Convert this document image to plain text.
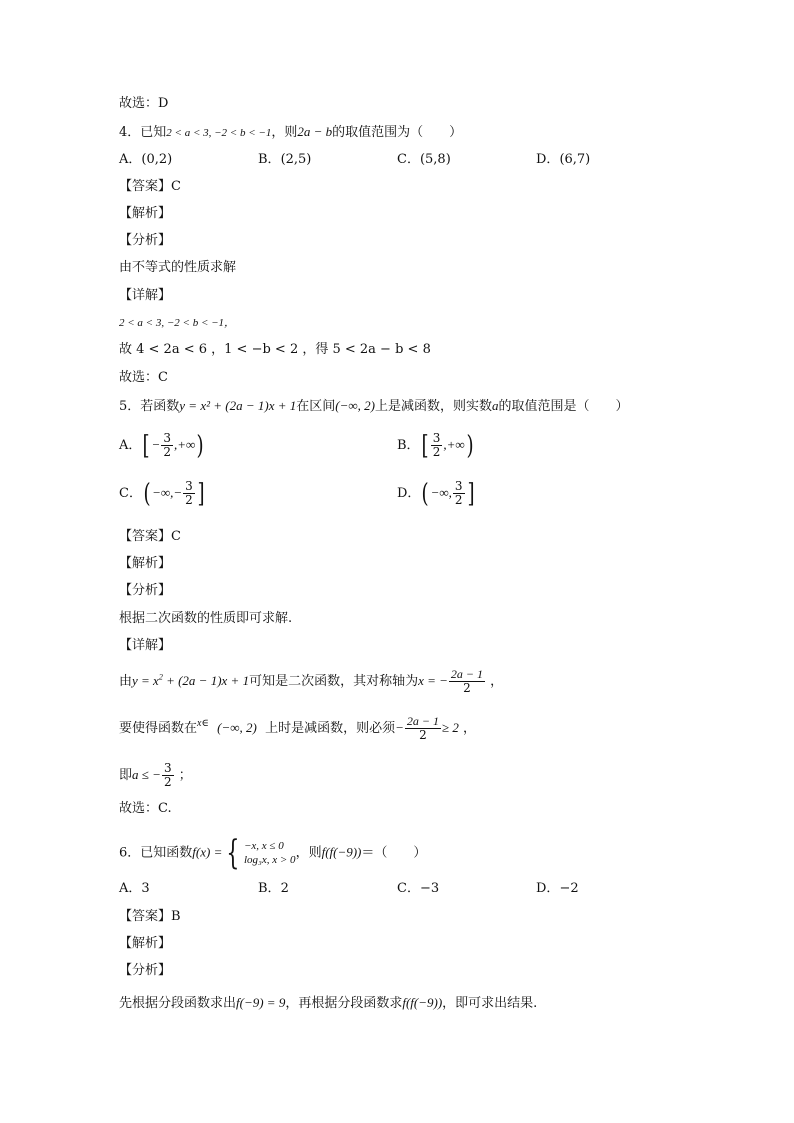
故选：D
4．已知2 < a < 3, −2 < b < −1，则2a − b的取值范围为（　　）
A．(0,2)	B．(2,5)	C．(5,8)	D．(6,7)
【答案】C
【解析】
【分析】
由不等式的性质求解
【详解】
2 < a < 3, −2 < b < −1，
故 4 < 2a < 6 ，1 < −b < 2 ，得 5 < 2a − b < 8
故选：C
5．若函数y = x² + (2a − 1)x + 1在区间(−∞, 2)上是减函数，则实数a的取值范围是（　　）
A．[ − $\frac{3}{2}$ ,+∞)	B．[ $\frac{3}{2}$ ,+∞)
C．( −∞,− $\frac{3}{2}$ ]	D．( −∞, $\frac{3}{2}$ ]
【答案】C
【解析】
【分析】
根据二次函数的性质即可求解.
【详解】
由$y = x^2 + (2a - 1)x + 1$可知是二次函数，其对称轴为x = − $\frac{2a - 1}{2}$ ，
要使得函数在$^{x\in}$ (−∞, 2) 上时是减函数，则必须− $\frac{2a - 1}{2} \ge 2$ ，
即a ≤ − $\frac{3}{2}$ ；
故选：C.
6．已知函数f(x) = { −x, x ≤ 0
log₃x, x > 0 ，则f(f(−9))＝（　　）
A．3	B．2	C．−3	D．−2
【答案】B
【解析】
【分析】
先根据分段函数求出f(−9) = 9，再根据分段函数求f(f(−9))，即可求出结果.
